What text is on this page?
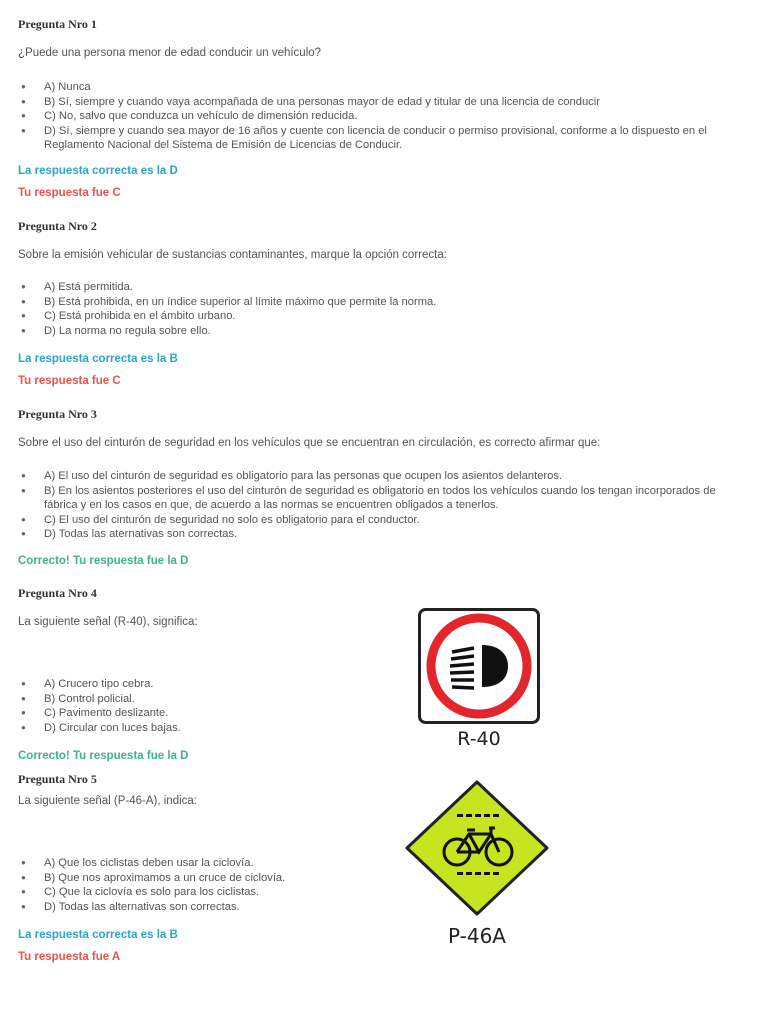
Pregunta Nro 1
¿Puede una persona menor de edad conducir un vehículo?
● A) Nunca
● B) Sí, siempre y cuando vaya acompañada de una personas mayor de edad y titular de una licencia de conducir
● C) No, salvo que conduzca un vehículo de dimensión reducida.
● D) Sí, siempre y cuando sea mayor de 16 años y cuente con licencia de conducir o permiso provisional, conforme a lo dispuesto en el Reglamento Nacional del Sistema de Emisión de Licencias de Conducir.
La respuesta correcta es la D
Tu respuesta fue C
Pregunta Nro 2
Sobre la emisión vehicular de sustancias contaminantes, marque la opción correcta:
● A) Está permitida.
● B) Está prohibida, en un índice superior al límite máximo que permite la norma.
● C) Está prohibida en el ámbito urbano.
● D) La norma no regula sobre ello.
La respuesta correcta es la B
Tu respuesta fue C
Pregunta Nro 3
Sobre el uso del cinturón de seguridad en los vehículos que se encuentran en circulación, es correcto afirmar que:
● A) El uso del cinturón de seguridad es obligatorio para las personas que ocupen los asientos delanteros.
● B) En los asientos posteriores el uso del cinturón de seguridad es obligatorio en todos los vehículos cuando los tengan incorporados de fábrica y en los casos en que, de acuerdo a las normas se encuentren obligados a tenerlos.
● C) El uso del cinturón de seguridad no solo es obligatorio para el conductor.
● D) Todas las aternativas son correctas.
Correcto! Tu respuesta fue la D
Pregunta Nro 4
La siguiente señal (R-40), significa:
● A) Crucero tipo cebra.
● B) Control policial.
● C) Pavimento deslizante.
● D) Circular con luces bajas.
Correcto! Tu respuesta fue la D
R-40
Pregunta Nro 5
La siguiente señal (P-46-A), indica:
● A) Que los ciclistas deben usar la ciclovía.
● B) Que nos aproximamos a un cruce de ciclovía.
● C) Que la ciclovía es solo para los ciclistas.
● D) Todas las alternativas son correctas.
La respuesta correcta es la B
Tu respuesta fue A
P-46A
